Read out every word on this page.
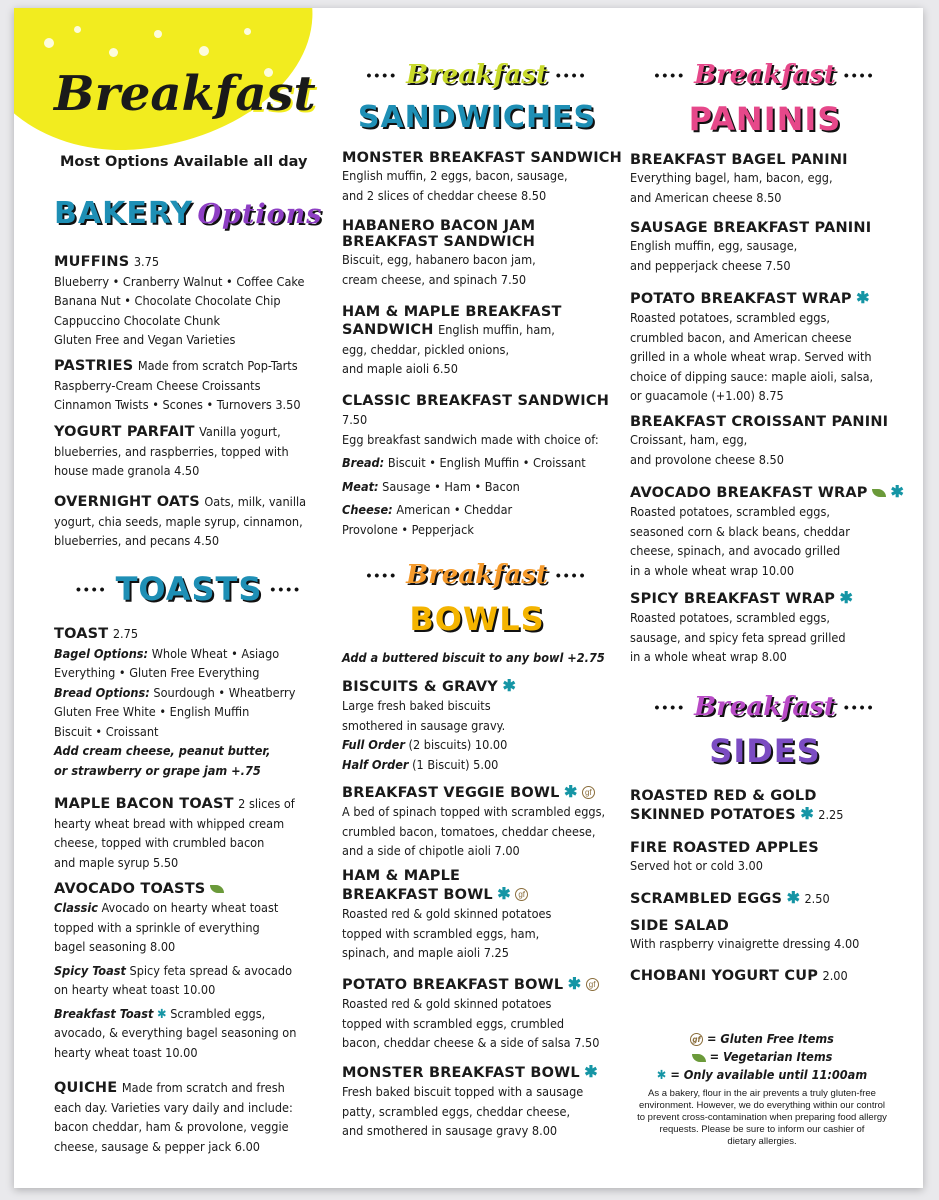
Breakfast
Most Options Available all day
BAKERY Options
MUFFINS 3.75
Blueberry • Cranberry Walnut • Coffee Cake
Banana Nut • Chocolate Chocolate Chip
Cappuccino Chocolate Chunk
Gluten Free and Vegan Varieties
PASTRIES Made from scratch Pop-Tarts
Raspberry-Cream Cheese Croissants
Cinnamon Twists • Scones • Turnovers 3.50
YOGURT PARFAIT Vanilla yogurt,
blueberries, and raspberries, topped with
house made granola 4.50
OVERNIGHT OATS Oats, milk, vanilla
yogurt, chia seeds, maple syrup, cinnamon,
blueberries, and pecans 4.50
•••• TOASTS ••••
TOAST 2.75
Bagel Options: Whole Wheat • Asiago
Everything • Gluten Free Everything
Bread Options: Sourdough • Wheatberry
Gluten Free White • English Muffin
Biscuit • Croissant
Add cream cheese, peanut butter,
or strawberry or grape jam +.75
MAPLE BACON TOAST 2 slices of
hearty wheat bread with whipped cream
cheese, topped with crumbled bacon
and maple syrup 5.50
AVOCADO TOASTS
Classic Avocado on hearty wheat toast
topped with a sprinkle of everything
bagel seasoning 8.00
Spicy Toast Spicy feta spread & avocado
on hearty wheat toast 10.00
Breakfast Toast ✱ Scrambled eggs,
avocado, & everything bagel seasoning on
hearty wheat toast 10.00
QUICHE Made from scratch and fresh
each day. Varieties vary daily and include:
bacon cheddar, ham & provolone, veggie
cheese, sausage & pepper jack 6.00
•••• Breakfast ••••
SANDWICHES
MONSTER BREAKFAST SANDWICH
English muffin, 2 eggs, bacon, sausage,
and 2 slices of cheddar cheese 8.50
HABANERO BACON JAM
BREAKFAST SANDWICH
Biscuit, egg, habanero bacon jam,
cream cheese, and spinach 7.50
HAM & MAPLE BREAKFAST
SANDWICH English muffin, ham,
egg, cheddar, pickled onions,
and maple aioli 6.50
CLASSIC BREAKFAST SANDWICH 7.50
Egg breakfast sandwich made with choice of:
Bread: Biscuit • English Muffin • Croissant
Meat: Sausage • Ham • Bacon
Cheese: American • Cheddar
Provolone • Pepperjack
•••• Breakfast ••••
BOWLS
Add a buttered biscuit to any bowl +2.75
BISCUITS & GRAVY ✱
Large fresh baked biscuits
smothered in sausage gravy.
Full Order (2 biscuits) 10.00
Half Order (1 Biscuit) 5.00
BREAKFAST VEGGIE BOWL ✱ gf
A bed of spinach topped with scrambled eggs,
crumbled bacon, tomatoes, cheddar cheese,
and a side of chipotle aioli 7.00
HAM & MAPLE
BREAKFAST BOWL ✱ gf
Roasted red & gold skinned potatoes
topped with scrambled eggs, ham,
spinach, and maple aioli 7.25
POTATO BREAKFAST BOWL ✱ gf
Roasted red & gold skinned potatoes
topped with scrambled eggs, crumbled
bacon, cheddar cheese & a side of salsa 7.50
MONSTER BREAKFAST BOWL ✱
Fresh baked biscuit topped with a sausage
patty, scrambled eggs, cheddar cheese,
and smothered in sausage gravy 8.00
•••• Breakfast ••••
PANINIS
BREAKFAST BAGEL PANINI
Everything bagel, ham, bacon, egg,
and American cheese 8.50
SAUSAGE BREAKFAST PANINI
English muffin, egg, sausage,
and pepperjack cheese 7.50
POTATO BREAKFAST WRAP ✱
Roasted potatoes, scrambled eggs,
crumbled bacon, and American cheese
grilled in a whole wheat wrap. Served with
choice of dipping sauce: maple aioli, salsa,
or guacamole (+1.00) 8.75
BREAKFAST CROISSANT PANINI
Croissant, ham, egg,
and provolone cheese 8.50
AVOCADO BREAKFAST WRAP ✱
Roasted potatoes, scrambled eggs,
seasoned corn & black beans, cheddar
cheese, spinach, and avocado grilled
in a whole wheat wrap 10.00
SPICY BREAKFAST WRAP ✱
Roasted potatoes, scrambled eggs,
sausage, and spicy feta spread grilled
in a whole wheat wrap 8.00
•••• Breakfast ••••
SIDES
ROASTED RED & GOLD
SKINNED POTATOES ✱ 2.25
FIRE ROASTED APPLES
Served hot or cold 3.00
SCRAMBLED EGGS ✱ 2.50
SIDE SALAD
With raspberry vinaigrette dressing 4.00
CHOBANI YOGURT CUP 2.00
gf = Gluten Free Items
= Vegetarian Items
✱ = Only available until 11:00am
As a bakery, flour in the air prevents a truly gluten-free
environment. However, we do everything within our control
to prevent cross-contamination when preparing food allergy
requests. Please be sure to inform our cashier of
dietary allergies.
